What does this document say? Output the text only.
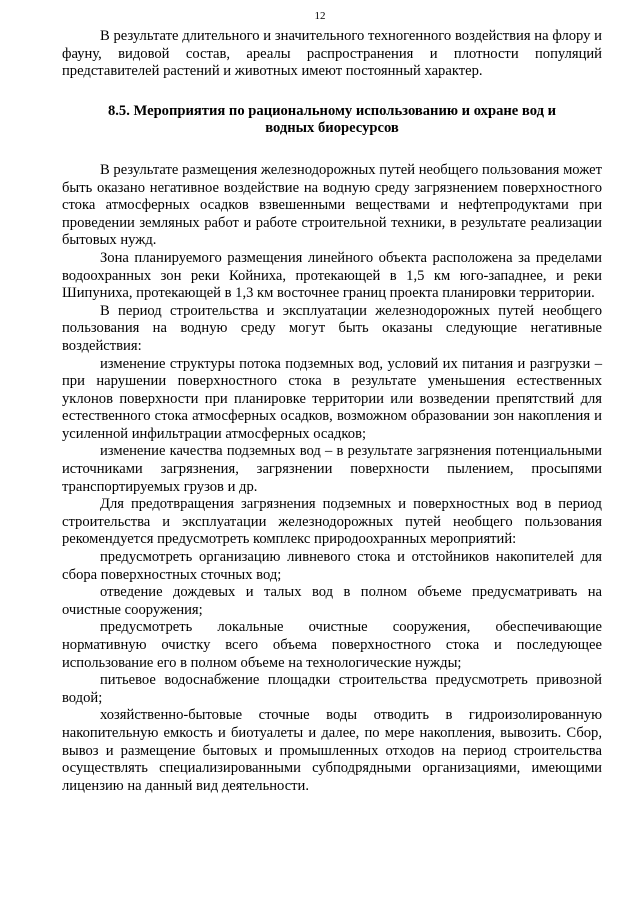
12

В результате длительного и значительного техногенного воздействия на флору и фауну, видовой состав, ареалы распространения и плотности популяций представителей растений и животных имеют постоянный характер.

8.5. Мероприятия по рациональному использованию и охране вод и водных биоресурсов

В результате размещения железнодорожных путей необщего пользования может быть оказано негативное воздействие на водную среду загрязнением поверхностного стока атмосферных осадков взвешенными веществами и нефтепродуктами при проведении земляных работ и работе строительной техники, в результате реализации бытовых нужд.

Зона планируемого размещения линейного объекта расположена за пределами водоохранных зон реки Койниха, протекающей в 1,5 км юго-западнее, и реки Шипуниха, протекающей в 1,3 км восточнее границ проекта планировки территории.

В период строительства и эксплуатации железнодорожных путей необщего пользования на водную среду могут быть оказаны следующие негативные воздействия:

изменение структуры потока подземных вод, условий их питания и разгрузки – при нарушении поверхностного стока в результате уменьшения естественных уклонов поверхности при планировке территории или возведении препятствий для естественного стока атмосферных осадков, возможном образовании зон накопления и усиленной инфильтрации атмосферных осадков;

изменение качества подземных вод – в результате загрязнения потенциальными источниками загрязнения, загрязнении поверхности пылением, просыпями транспортируемых грузов и др.

Для предотвращения загрязнения подземных и поверхностных вод в период строительства и эксплуатации железнодорожных путей необщего пользования рекомендуется предусмотреть комплекс природоохранных мероприятий:

предусмотреть организацию ливневого стока и отстойников накопителей для сбора поверхностных сточных вод;

отведение дождевых и талых вод в полном объеме предусматривать на очистные сооружения;

предусмотреть локальные очистные сооружения, обеспечивающие нормативную очистку всего объема поверхностного стока и последующее использование его в полном объеме на технологические нужды;

питьевое водоснабжение площадки строительства предусмотреть привозной водой;

хозяйственно-бытовые сточные воды отводить в гидроизолированную накопительную емкость и биотуалеты и далее, по мере накопления, вывозить. Сбор, вывоз и размещение бытовых и промышленных отходов на период строительства осуществлять специализированными субподрядными организациями, имеющими лицензию на данный вид деятельности.
